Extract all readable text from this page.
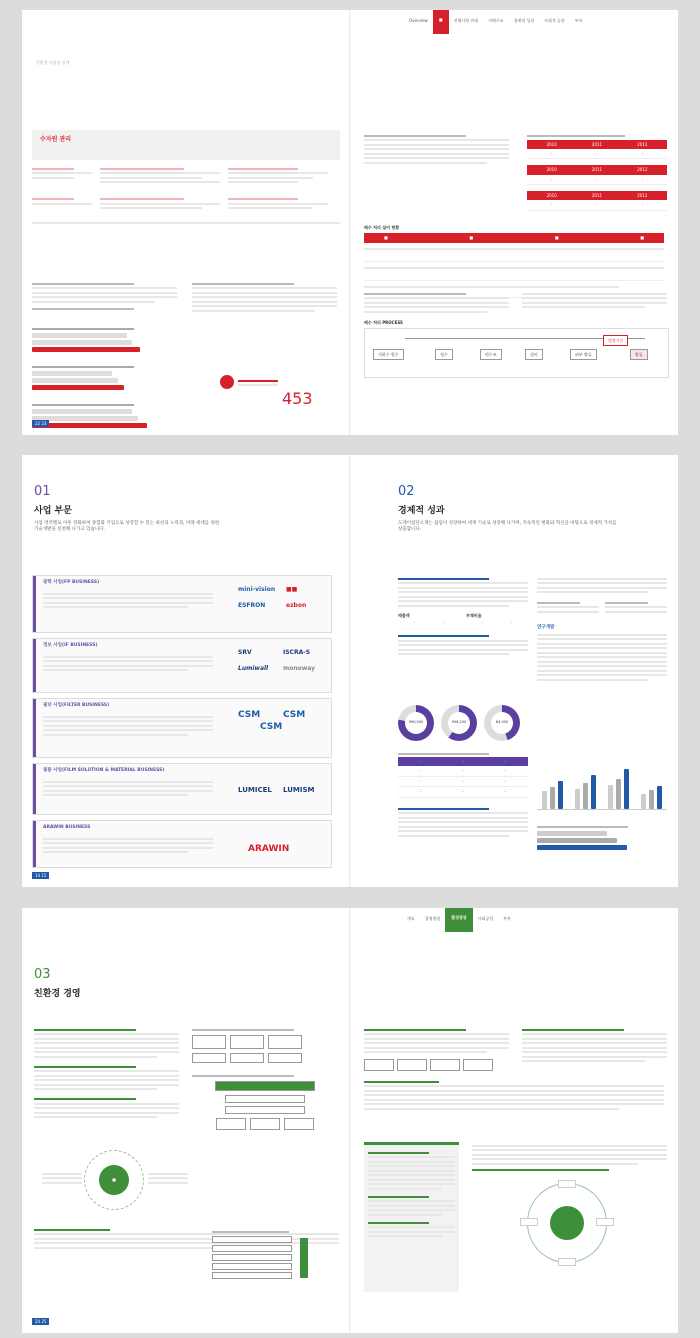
친환경 사업장 설계
수자원 관리
453
22 23
Overview	■	진행사항 과제	지배구조	경제적 성과	사회적 공헌	부록
2010	2011	2012
·	·	·
2010	2011	2012
·	·	·
2010	2011	2012
·	·	·
폐수 처리 설비 현황
■	■	■	■
폐수 처리 PROCESS
지하수 원수	정수	원수조	설비	외부 방류
법정기준
방류
01
사업 부문
사업 영역별로 이루 강화하여 종합화 기업으로 성장할 수 있는 최선의 노력과, 미래 세대를 위한 기술개발을 실천해 나가고 있습니다.
광학 사업(FP BUSINESS)
mini-vision ■■
ESFRON	ezbon
정보 사업(IF BUSINESS)
SRV	ISCRA-S
Lumiwall monoway
필터 사업(FILTER BUSINESS)
CSM	CSM
CSM
필름 사업(FILM SOLUTION & MATERIAL BUSINESS)
LUMICEL LUMISM
ARAWIN BUSINESS
ARAWIN
14 15
02
경제적 성과
도레이첨단소재는 끊임이 성장하여 세계 기술로 성장해 나가며, 지속적인 변화와 혁신을 바탕으로 경제적 가치를 창출합니다.
매출액
·	·
부채비율
·	·
990,000	956,200	84,000
·	·	·
·	·	·
·	·	·
·	·	·
연구개발
03
친환경 경영
■
24 25
개요	경영방침	환경경영	사회공헌	부록
